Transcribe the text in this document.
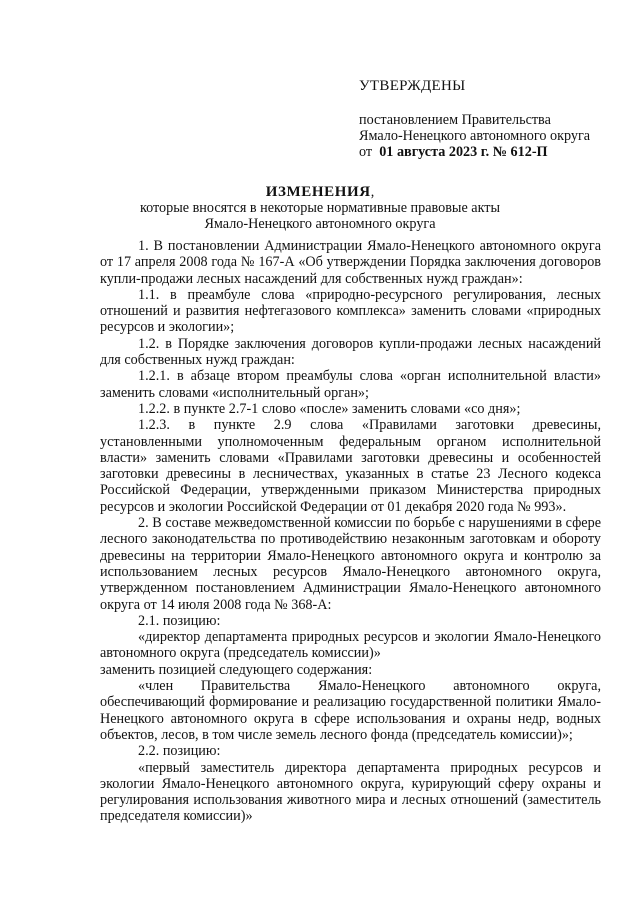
УТВЕРЖДЕНЫ
постановлением Правительства
Ямало-Ненецкого автономного округа
от 01 августа 2023 г. № 612-П
ИЗМЕНЕНИЯ,
которые вносятся в некоторые нормативные правовые акты
Ямало-Ненецкого автономного округа

1. В постановлении Администрации Ямало-Ненецкого автономного округа от 17 апреля 2008 года № 167-А «Об утверждении Порядка заключения договоров купли-продажи лесных насаждений для собственных нужд граждан»:

1.1. в преамбуле слова «природно-ресурсного регулирования, лесных отношений и развития нефтегазового комплекса» заменить словами «природных ресурсов и экологии»;

1.2. в Порядке заключения договоров купли-продажи лесных насаждений для собственных нужд граждан:

1.2.1. в абзаце втором преамбулы слова «орган исполнительной власти» заменить словами «исполнительный орган»;

1.2.2. в пункте 2.7-1 слово «после» заменить словами «со дня»;

1.2.3. в пункте 2.9 слова «Правилами заготовки древесины, установленными уполномоченным федеральным органом исполнительной власти» заменить словами «Правилами заготовки древесины и особенностей заготовки древесины в лесничествах, указанных в статье 23 Лесного кодекса Российской Федерации, утвержденными приказом Министерства природных ресурсов и экологии Российской Федерации от 01 декабря 2020 года № 993».

2. В составе межведомственной комиссии по борьбе с нарушениями в сфере лесного законодательства по противодействию незаконным заготовкам и обороту древесины на территории Ямало-Ненецкого автономного округа и контролю за использованием лесных ресурсов Ямало-Ненецкого автономного округа, утвержденном постановлением Администрации Ямало-Ненецкого автономного округа от 14 июля 2008 года № 368-А:

2.1. позицию:

«директор департамента природных ресурсов и экологии Ямало-Ненецкого автономного округа (председатель комиссии)»

заменить позицией следующего содержания:

«член Правительства Ямало-Ненецкого автономного округа, обеспечивающий формирование и реализацию государственной политики Ямало-Ненецкого автономного округа в сфере использования и охраны недр, водных объектов, лесов, в том числе земель лесного фонда (председатель комиссии)»;

2.2. позицию:

«первый заместитель директора департамента природных ресурсов и экологии Ямало-Ненецкого автономного округа, курирующий сферу охраны и регулирования использования животного мира и лесных отношений (заместитель председателя комиссии)»
